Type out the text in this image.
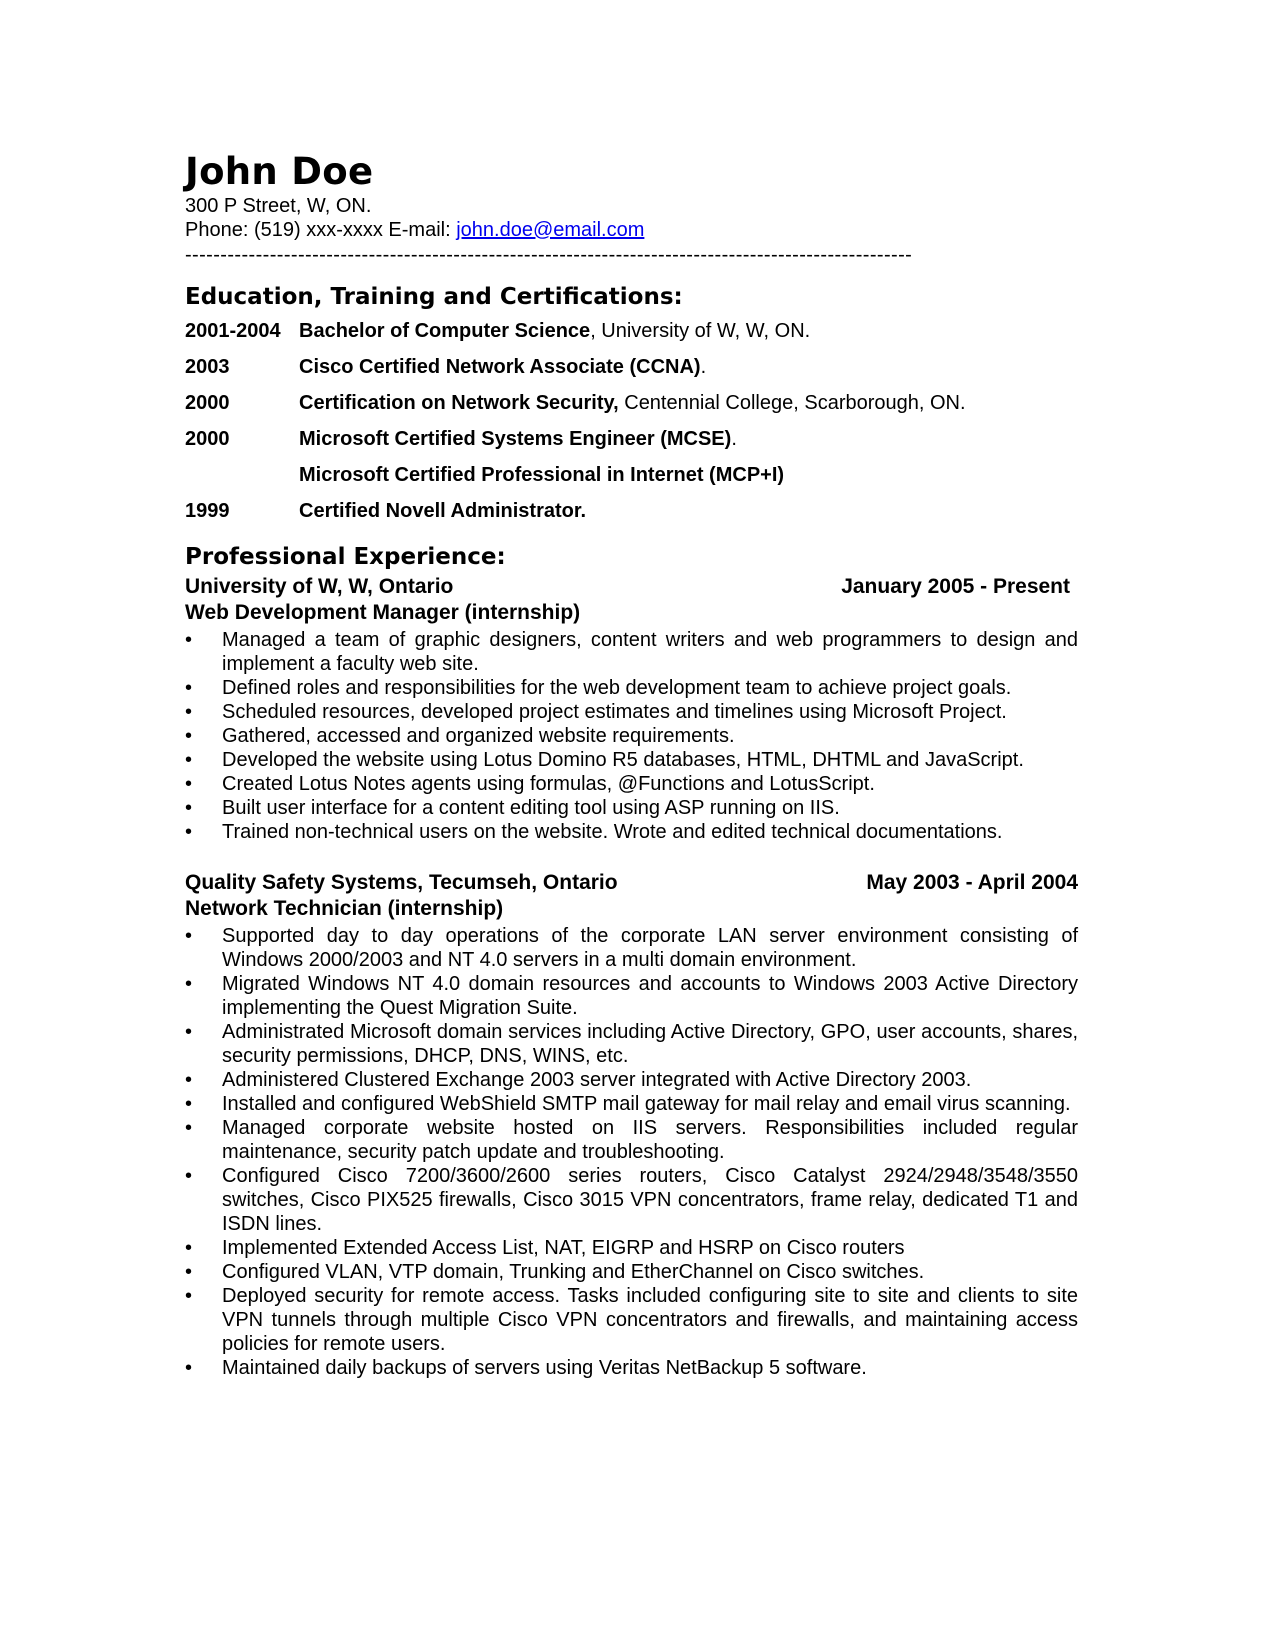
John Doe
300 P Street, W, ON.
Phone: (519) xxx-xxxx E-mail: john.doe@email.com
-------------------------------------------------------------------------------------------------------
Education, Training and Certifications:
2001-2004 Bachelor of Computer Science, University of W, W, ON.
2003	Cisco Certified Network Associate (CCNA).
2000	Certification on Network Security, Centennial College, Scarborough, ON.
2000	Microsoft Certified Systems Engineer (MCSE).
Microsoft Certified Professional in Internet (MCP+I)
1999	Certified Novell Administrator.
Professional Experience:
University of W, W, Ontario	January 2005 - Present
Web Development Manager (internship)
• Managed a team of graphic designers, content writers and web programmers to design and implement a faculty web site.
• Defined roles and responsibilities for the web development team to achieve project goals.
• Scheduled resources, developed project estimates and timelines using Microsoft Project.
• Gathered, accessed and organized website requirements.
• Developed the website using Lotus Domino R5 databases, HTML, DHTML and JavaScript.
• Created Lotus Notes agents using formulas, @Functions and LotusScript.
• Built user interface for a content editing tool using ASP running on IIS.
• Trained non-technical users on the website. Wrote and edited technical documentations.
Quality Safety Systems, Tecumseh, Ontario	May 2003 - April 2004
Network Technician (internship)
• Supported day to day operations of the corporate LAN server environment consisting of Windows 2000/2003 and NT 4.0 servers in a multi domain environment.
• Migrated Windows NT 4.0 domain resources and accounts to Windows 2003 Active Directory implementing the Quest Migration Suite.
• Administrated Microsoft domain services including Active Directory, GPO, user accounts, shares, security permissions, DHCP, DNS, WINS, etc.
• Administered Clustered Exchange 2003 server integrated with Active Directory 2003.
• Installed and configured WebShield SMTP mail gateway for mail relay and email virus scanning.
• Managed corporate website hosted on IIS servers. Responsibilities included regular maintenance, security patch update and troubleshooting.
• Configured Cisco 7200/3600/2600 series routers, Cisco Catalyst 2924/2948/3548/3550 switches, Cisco PIX525 firewalls, Cisco 3015 VPN concentrators, frame relay, dedicated T1 and ISDN lines.
• Implemented Extended Access List, NAT, EIGRP and HSRP on Cisco routers
• Configured VLAN, VTP domain, Trunking and EtherChannel on Cisco switches.
• Deployed security for remote access. Tasks included configuring site to site and clients to site VPN tunnels through multiple Cisco VPN concentrators and firewalls, and maintaining access policies for remote users.
• Maintained daily backups of servers using Veritas NetBackup 5 software.
